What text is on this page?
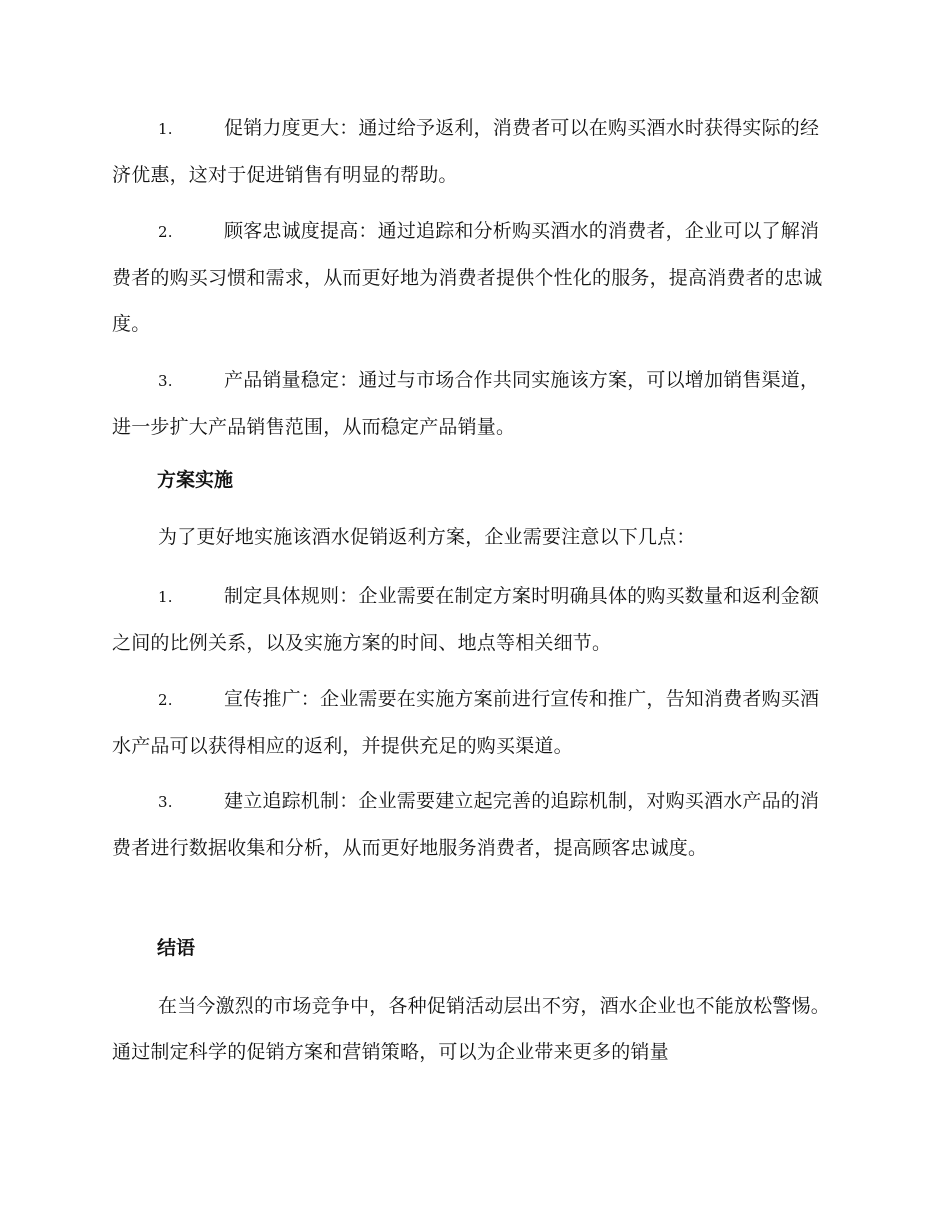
1.	促销力度更大：通过给予返利，消费者可以在购买酒水时获得实际的经济优惠，这对于促进销售有明显的帮助。

2.	顾客忠诚度提高：通过追踪和分析购买酒水的消费者，企业可以了解消费者的购买习惯和需求，从而更好地为消费者提供个性化的服务，提高消费者的忠诚度。

3.	产品销量稳定：通过与市场合作共同实施该方案，可以增加销售渠道，进一步扩大产品销售范围，从而稳定产品销量。

方案实施

为了更好地实施该酒水促销返利方案，企业需要注意以下几点：

1.	制定具体规则：企业需要在制定方案时明确具体的购买数量和返利金额之间的比例关系，以及实施方案的时间、地点等相关细节。

2.	宣传推广：企业需要在实施方案前进行宣传和推广，告知消费者购买酒水产品可以获得相应的返利，并提供充足的购买渠道。

3.	建立追踪机制：企业需要建立起完善的追踪机制，对购买酒水产品的消费者进行数据收集和分析，从而更好地服务消费者，提高顾客忠诚度。

结语

在当今激烈的市场竞争中，各种促销活动层出不穷，酒水企业也不能放松警惕。通过制定科学的促销方案和营销策略，可以为企业带来更多的销量
